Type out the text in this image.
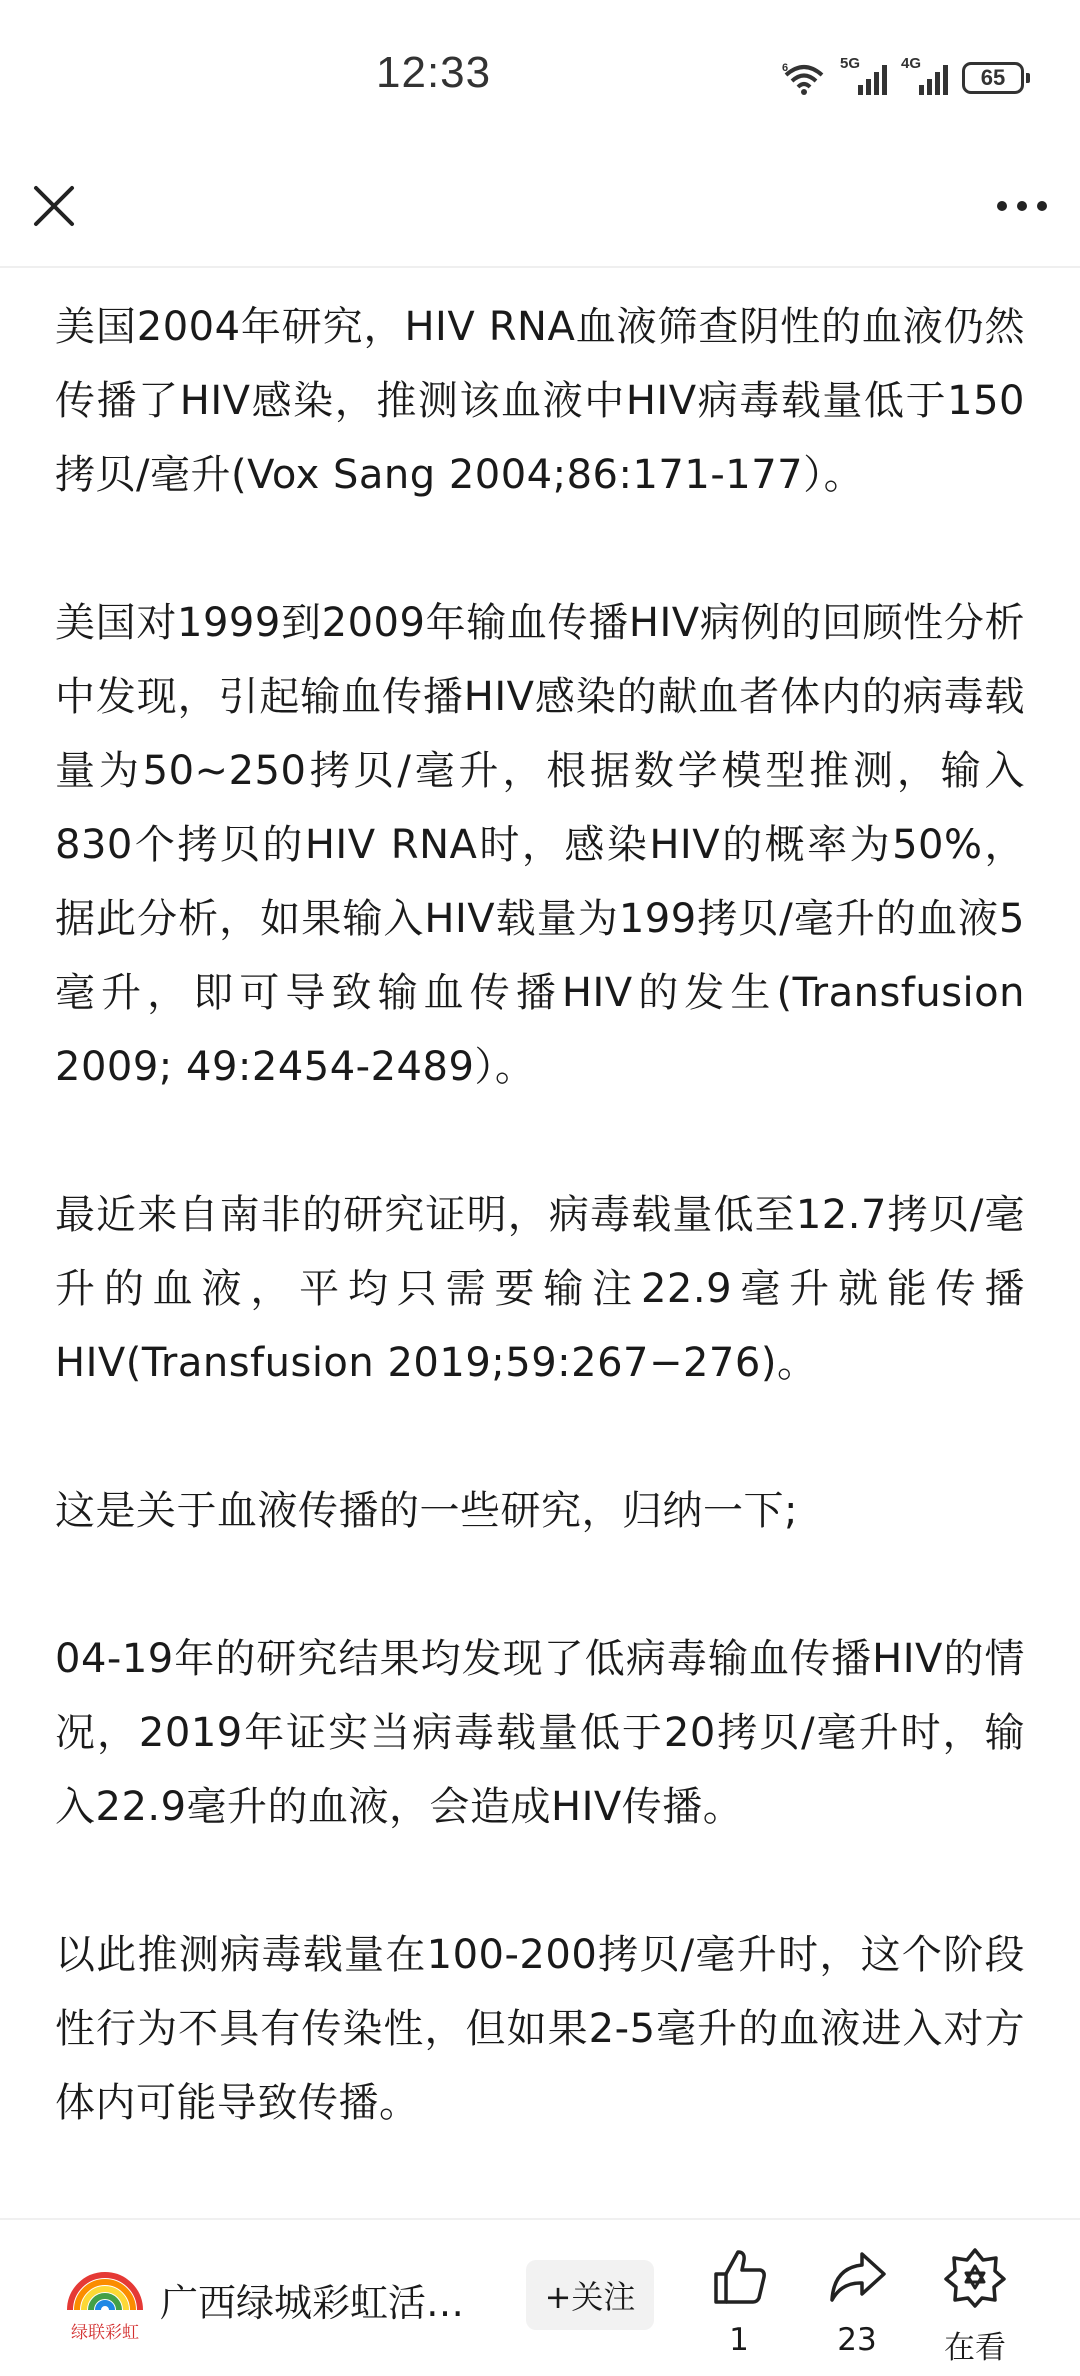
12:33	6	5G	4G
65

美国2004年研究，HIV RNA血液筛查阴性的血液仍然传播了HIV感染，推测该血液中HIV病毒载量低于150拷贝/毫升(Vox Sang 2004;86:171-177）。

美国对1999到2009年输血传播HIV病例的回顾性分析中发现，引起输血传播HIV感染的献血者体内的病毒载量为50~250拷贝/毫升，根据数学模型推测，输入830个拷贝的HIV RNA时，感染HIV的概率为50%，据此分析，如果输入HIV载量为199拷贝/毫升的血液5毫升，即可导致输血传播HIV的发生(Transfusion 2009; 49:2454-2489）。

最近来自南非的研究证明，病毒载量低至12.7拷贝/毫升的血液，平均只需要输注22.9毫升就能传播HIV(Transfusion 2019;59:267−276)。

这是关于血液传播的一些研究，归纳一下;

04-19年的研究结果均发现了低病毒输血传播HIV的情况，2019年证实当病毒载量低于20拷贝/毫升时，输入22.9毫升的血液，会造成HIV传播。

以此推测病毒载量在100-200拷贝/毫升时，这个阶段性行为不具有传染性，但如果2-5毫升的血液进入对方体内可能导致传播。

绿联彩虹
广西绿城彩虹活…	+关注
1	23 在看
